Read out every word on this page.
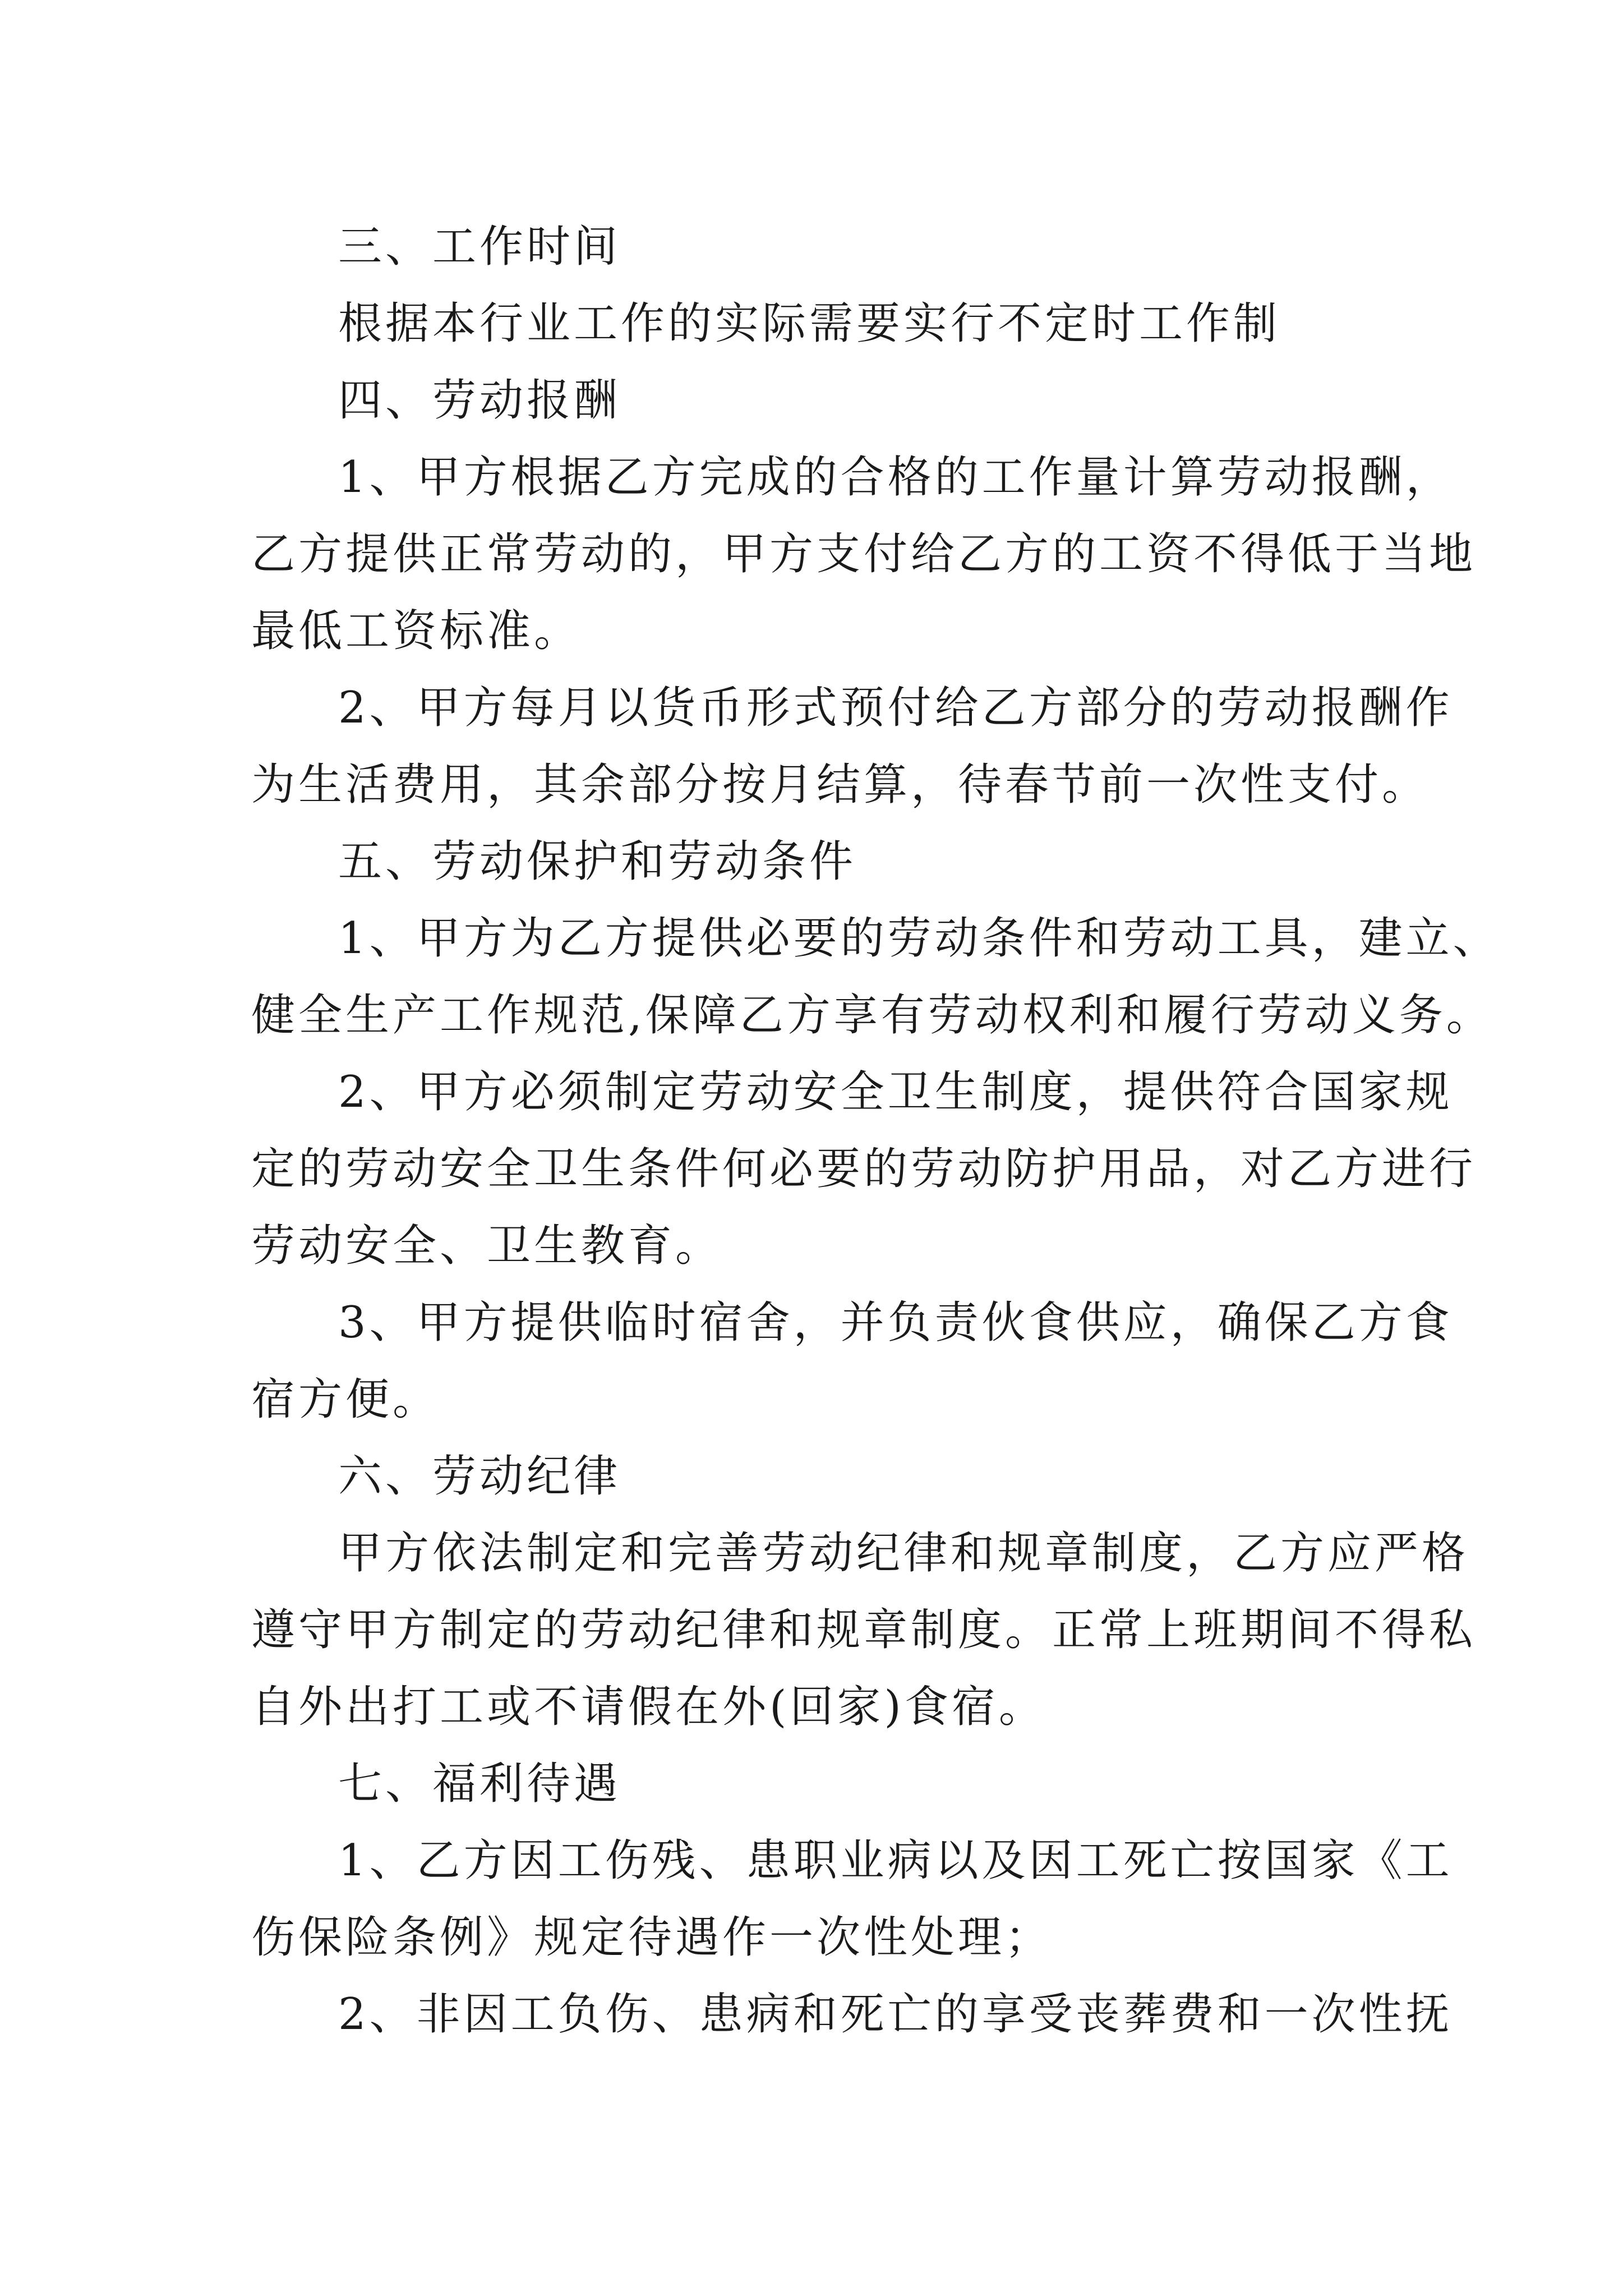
三、工作时间
根据本行业工作的实际需要实行不定时工作制
四、劳动报酬
1、甲方根据乙方完成的合格的工作量计算劳动报酬，
乙方提供正常劳动的，甲方支付给乙方的工资不得低于当地
最低工资标准。
2、甲方每月以货币形式预付给乙方部分的劳动报酬作
为生活费用，其余部分按月结算，待春节前一次性支付。
五、劳动保护和劳动条件
1、甲方为乙方提供必要的劳动条件和劳动工具，建立、
健全生产工作规范,保障乙方享有劳动权利和履行劳动义务。
2、甲方必须制定劳动安全卫生制度，提供符合国家规
定的劳动安全卫生条件何必要的劳动防护用品，对乙方进行
劳动安全、卫生教育。
3、甲方提供临时宿舍，并负责伙食供应，确保乙方食
宿方便。
六、劳动纪律
甲方依法制定和完善劳动纪律和规章制度，乙方应严格
遵守甲方制定的劳动纪律和规章制度。正常上班期间不得私
自外出打工或不请假在外(回家)食宿。
七、福利待遇
1、乙方因工伤残、患职业病以及因工死亡按国家《工
伤保险条例》规定待遇作一次性处理；
2、非因工负伤、患病和死亡的享受丧葬费和一次性抚
